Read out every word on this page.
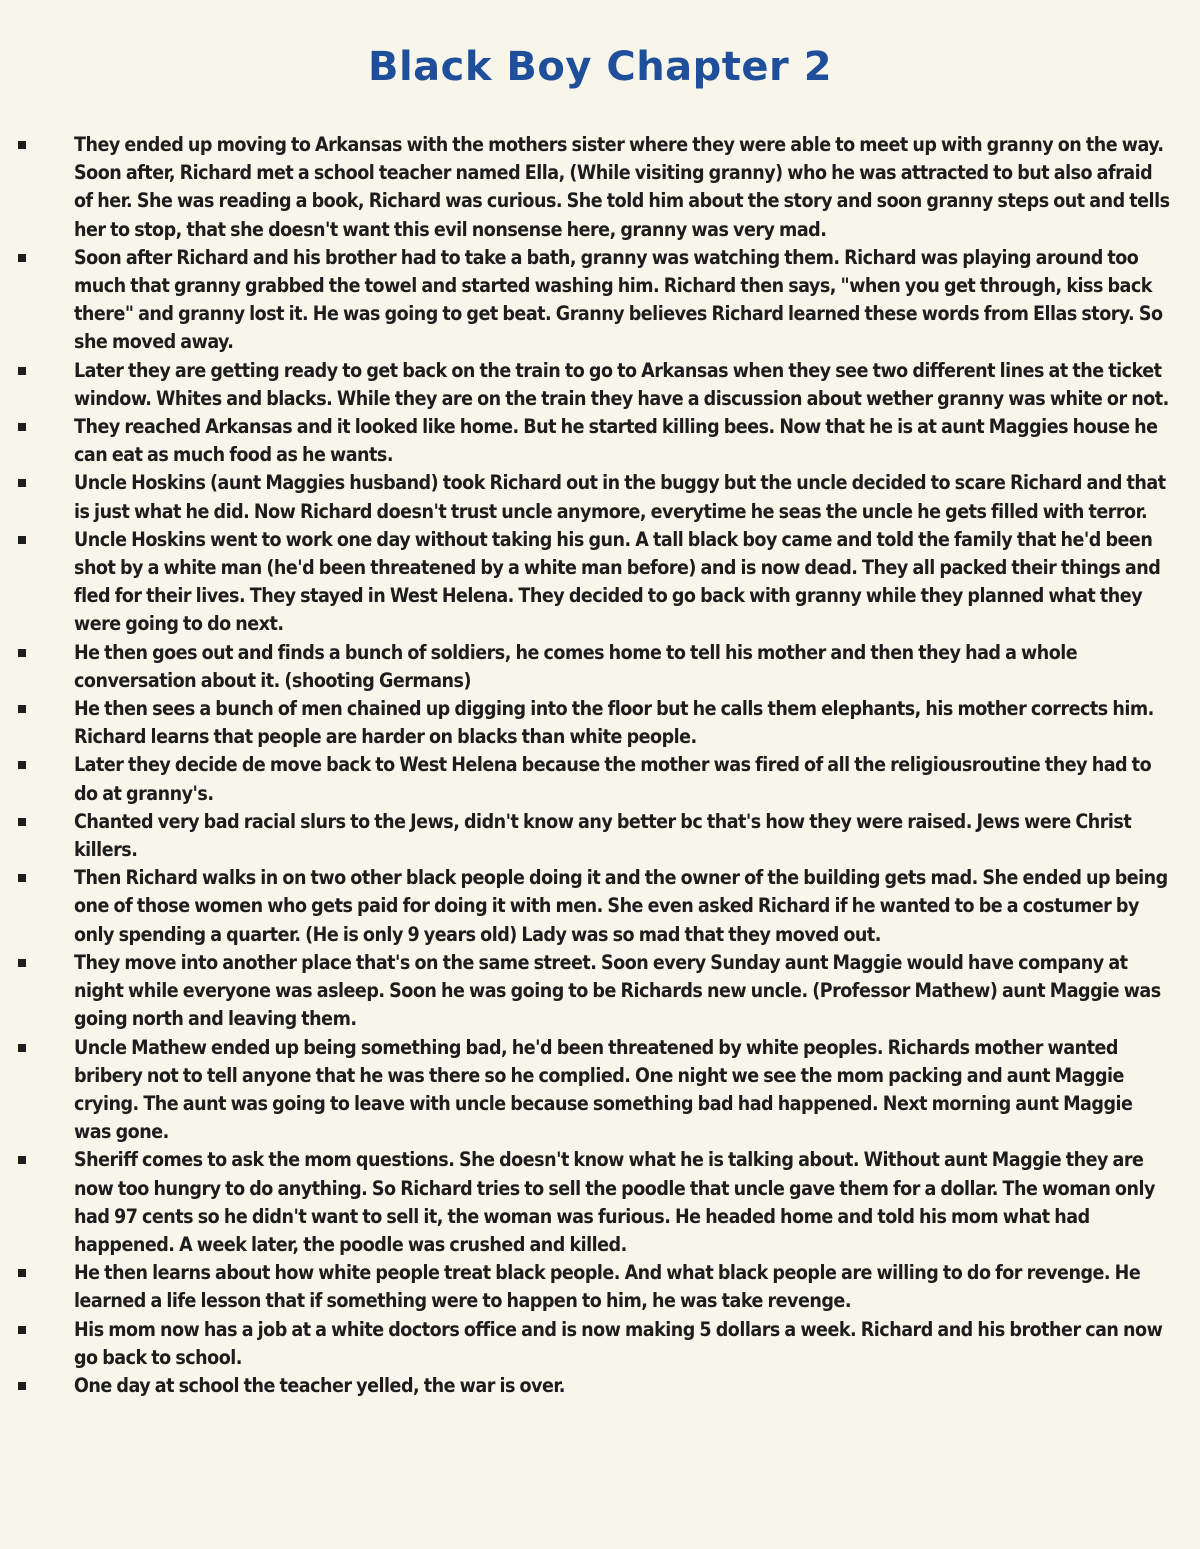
Black Boy Chapter 2
They ended up moving to Arkansas with the mothers sister where they were able to meet up with granny on the way. Soon after, Richard met a school teacher named Ella, (While visiting granny) who he was attracted to but also afraid of her. She was reading a book, Richard was curious. She told him about the story and soon granny steps out and tells her to stop, that she doesn't want this evil nonsense here, granny was very mad.
Soon after Richard and his brother had to take a bath, granny was watching them. Richard was playing around too much that granny grabbed the towel and started washing him. Richard then says, "when you get through, kiss back there" and granny lost it. He was going to get beat. Granny believes Richard learned these words from Ellas story. So she moved away.
Later they are getting ready to get back on the train to go to Arkansas when they see two different lines at the ticket window. Whites and blacks. While they are on the train they have a discussion about wether granny was white or not.
They reached Arkansas and it looked like home. But he started killing bees. Now that he is at aunt Maggies house he can eat as much food as he wants.
Uncle Hoskins (aunt Maggies husband) took Richard out in the buggy but the uncle decided to scare Richard and that is just what he did. Now Richard doesn't trust uncle anymore, everytime he seas the uncle he gets filled with terror.
Uncle Hoskins went to work one day without taking his gun. A tall black boy came and told the family that he'd been shot by a white man (he'd been threatened by a white man before) and is now dead. They all packed their things and fled for their lives. They stayed in West Helena. They decided to go back with granny while they planned what they were going to do next.
He then goes out and finds a bunch of soldiers, he comes home to tell his mother and then they had a whole conversation about it. (shooting Germans)
He then sees a bunch of men chained up digging into the floor but he calls them elephants, his mother corrects him. Richard learns that people are harder on blacks than white people.
Later they decide de move back to West Helena because the mother was fired of all the religiousroutine they had to do at granny's.
Chanted very bad racial slurs to the Jews, didn't know any better bc that's how they were raised. Jews were Christ killers.
Then Richard walks in on two other black people doing it and the owner of the building gets mad. She ended up being one of those women who gets paid for doing it with men. She even asked Richard if he wanted to be a costumer by only spending a quarter. (He is only 9 years old) Lady was so mad that they moved out.
They move into another place that's on the same street. Soon every Sunday aunt Maggie would have company at night while everyone was asleep. Soon he was going to be Richards new uncle. (Professor Mathew) aunt Maggie was going north and leaving them.
Uncle Mathew ended up being something bad, he'd been threatened by white peoples. Richards mother wanted bribery not to tell anyone that he was there so he complied. One night we see the mom packing and aunt Maggie crying. The aunt was going to leave with uncle because something bad had happened. Next morning aunt Maggie was gone.
Sheriff comes to ask the mom questions. She doesn't know what he is talking about. Without aunt Maggie they are now too hungry to do anything. So Richard tries to sell the poodle that uncle gave them for a dollar. The woman only had 97 cents so he didn't want to sell it, the woman was furious. He headed home and told his mom what had happened. A week later, the poodle was crushed and killed.
He then learns about how white people treat black people. And what black people are willing to do for revenge. He learned a life lesson that if something were to happen to him, he was take revenge.
His mom now has a job at a white doctors office and is now making 5 dollars a week. Richard and his brother can now go back to school.
One day at school the teacher yelled, the war is over.
